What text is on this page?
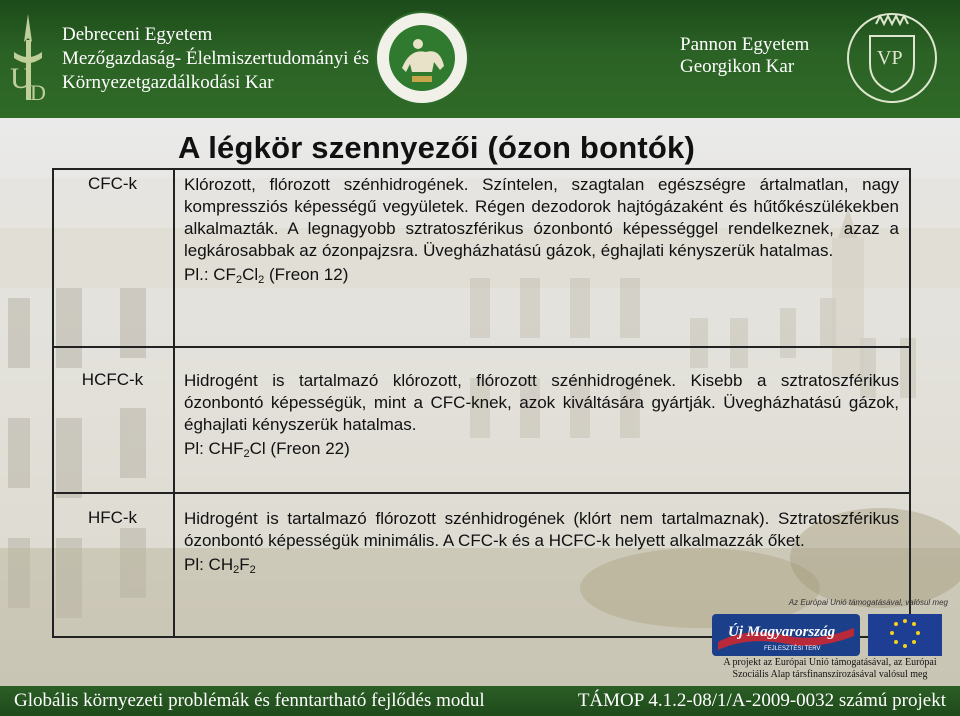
U
D
Debreceni Egyetem
Mezőgazdaság- Élelmiszertudományi és
Környezetgazdálkodási Kar
Pannon Egyetem
Georgikon Kar	VP
A légkör szennyezői (ózon bontók)
CFC-k	Klórozott, flórozott szénhidrogének. Színtelen, szagtalan egészségre ártalmatlan, nagy kompressziós képességű vegyületek. Régen dezodorok hajtógázaként és hűtőkészülékekben alkalmazták. A legnagyobb sztratoszférikus ózonbontó képességgel rendelkeznek, azaz a legkárosabbak az ózonpajzsra. Üvegházhatású gázok, éghajlati kényszerük hatalmas.

Pl.: $CF_2Cl_2$ (Freon 12)

HCFC-k	Hidrogént is tartalmazó klórozott, flórozott szénhidrogének. Kisebb a sztratoszférikus ózonbontó képességük, mint a CFC-knek, azok kiváltására gyártják. Üvegházhatású gázok, éghajlati kényszerük hatalmas.

Pl: $CHF_2Cl$ (Freon 22)

HFC-k	Hidrogént is tartalmazó flórozott szénhidrogének (klórt nem tartalmaznak). Sztratoszférikus ózonbontó képességük minimális. A CFC-k és a HCFC-k helyett alkalmazzák őket.

Pl: $CH_2F_2$

Az Európai Unió támogatásával, valósul meg
Új Magyarország
FEJLESZTÉSI TERV
A projekt az Európai Unió támogatásával, az Európai Szociális Alap társfinanszírozásával valósul meg
Globális környezeti problémák és fenntartható fejlődés modul	TÁMOP 4.1.2-08/1/A-2009-0032 számú projekt
